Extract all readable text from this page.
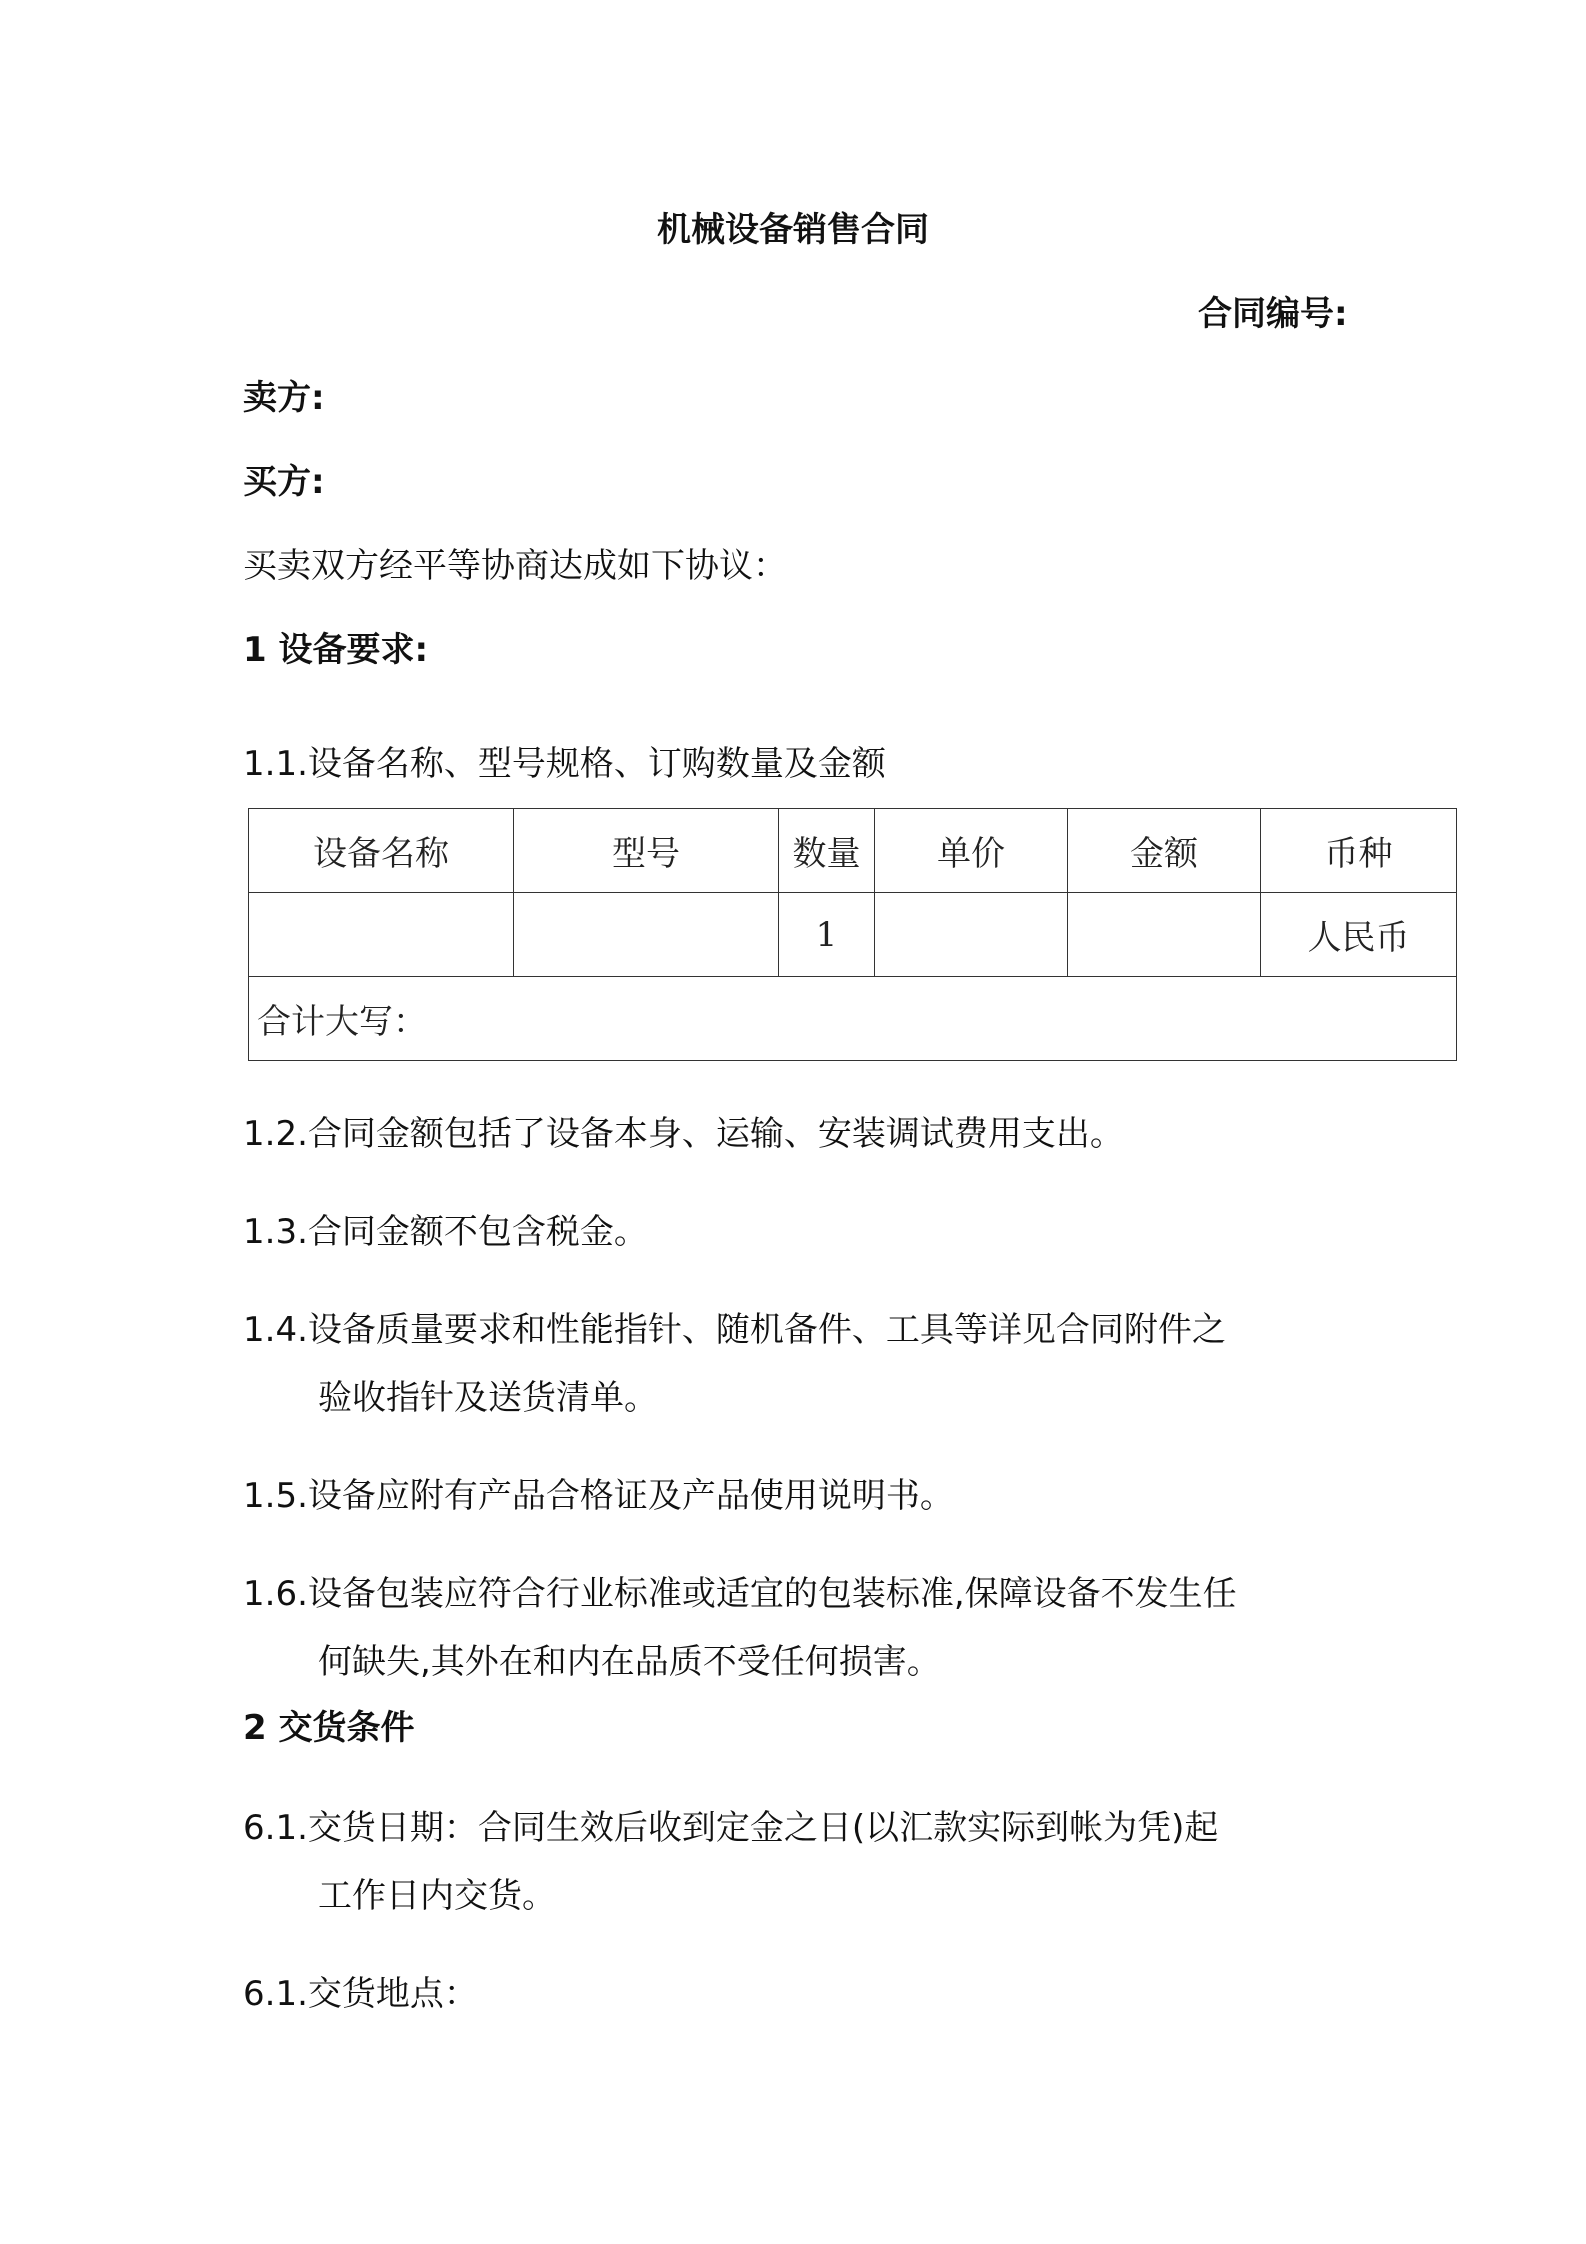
机械设备销售合同
合同编号:
卖方:
买方:
买卖双方经平等协商达成如下协议：
1 设备要求:
1.1.设备名称、型号规格、订购数量及金额
设备名称	型号	数量	单价	金额	币种
		1			人民币
合计大写：					
1.2.合同金额包括了设备本身、运输、安装调试费用支出。
1.3.合同金额不包含税金。
1.4.设备质量要求和性能指针、随机备件、工具等详见合同附件之
验收指针及送货清单。
1.5.设备应附有产品合格证及产品使用说明书。
1.6.设备包装应符合行业标准或适宜的包装标准,保障设备不发生任
何缺失,其外在和内在品质不受任何损害。
2 交货条件
6.1.交货日期：合同生效后收到定金之日(以汇款实际到帐为凭)起
工作日内交货。
6.1.交货地点：
